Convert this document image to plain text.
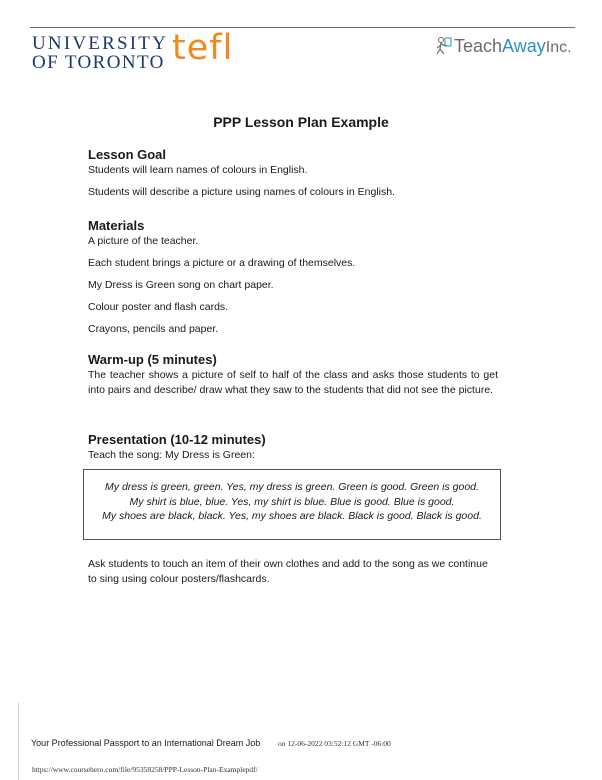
UNIVERSITY
OF TORONTO tefl	TeachAwayInc.
PPP Lesson Plan Example
Lesson Goal

Students will learn names of colours in English.

Students will describe a picture using names of colours in English.

Materials

A picture of the teacher.

Each student brings a picture or a drawing of themselves.

My Dress is Green song on chart paper.

Colour poster and flash cards.

Crayons, pencils and paper.

Warm-up (5 minutes)

The teacher shows a picture of self to half of the class and asks those students to get into pairs and describe/ draw what they saw to the students that did not see the picture.

Presentation (10-12 minutes)

Teach the song: My Dress is Green:

My dress is green, green. Yes, my dress is green. Green is good. Green is good.
My shirt is blue, blue. Yes, my shirt is blue. Blue is good. Blue is good.
My shoes are black, black. Yes, my shoes are black. Black is good. Black is good.
Ask students to touch an item of their own clothes and add to the song as we continue to sing using colour posters/flashcards.
Your Professional Passport to an International Dream Job on 12-06-2022 03:52:12 GMT -06:00
https://www.coursehero.com/file/95358258/PPP-Lesson-Plan-Examplepdf/
